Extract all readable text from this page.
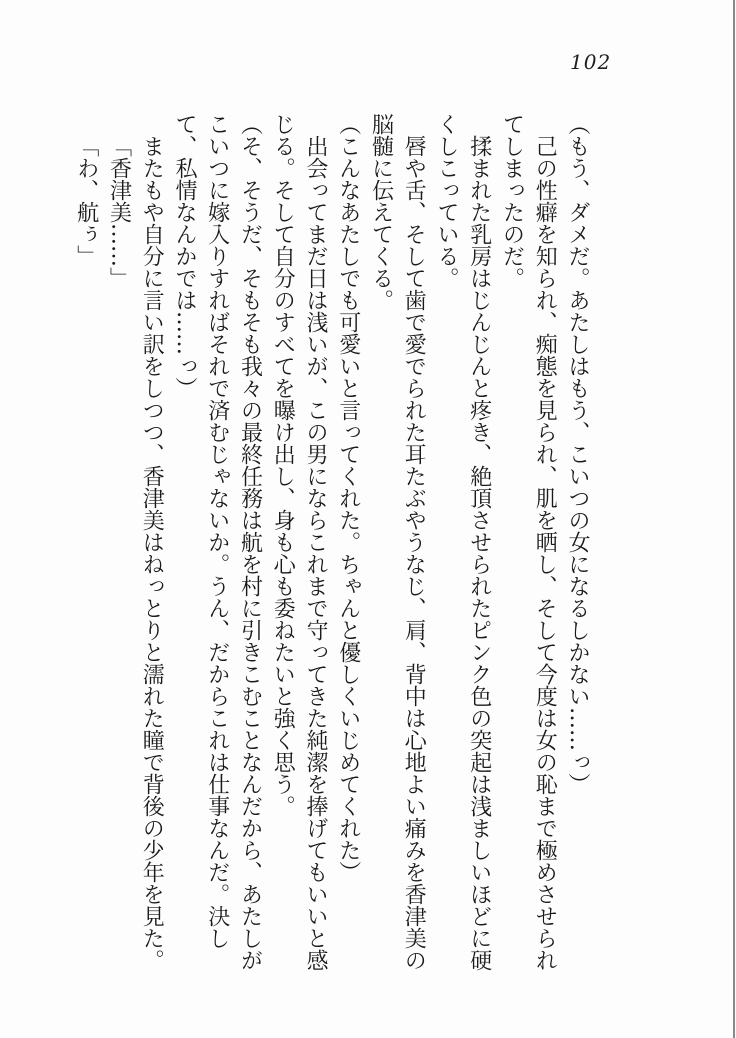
102

（もう、ダメだ。あたしはもう、こいつの女になるしかない……っ）

己の性癖を知られ、痴態を見られ、肌を晒し、そして今度は女の恥まで極めさせられてしまったのだ。

揉まれた乳房はじんじんと疼き、絶頂させられたピンク色の突起は浅ましいほどに硬くしこっている。

唇や舌、そして歯で愛でられた耳たぶやうなじ、肩、背中は心地よい痛みを香津美の脳髄に伝えてくる。

（こんなあたしでも可愛いと言ってくれた。ちゃんと優しくいじめてくれた）

出会ってまだ日は浅いが、この男にならこれまで守ってきた純潔を捧げてもいいと感じる。そして自分のすべてを曝け出し、身も心も委ねたいと強く思う。

（そ、そうだ、そもそも我々の最終任務は航を村に引きこむことなんだから、あたしがこいつに嫁入りすればそれで済むじゃないか。うん、だからこれは仕事なんだ。決して、私情なんかでは……っ）

またもや自分に言い訳をしつつ、香津美はねっとりと濡れた瞳で背後の少年を見た。

「香津美……」

「わ、航ぅ」
